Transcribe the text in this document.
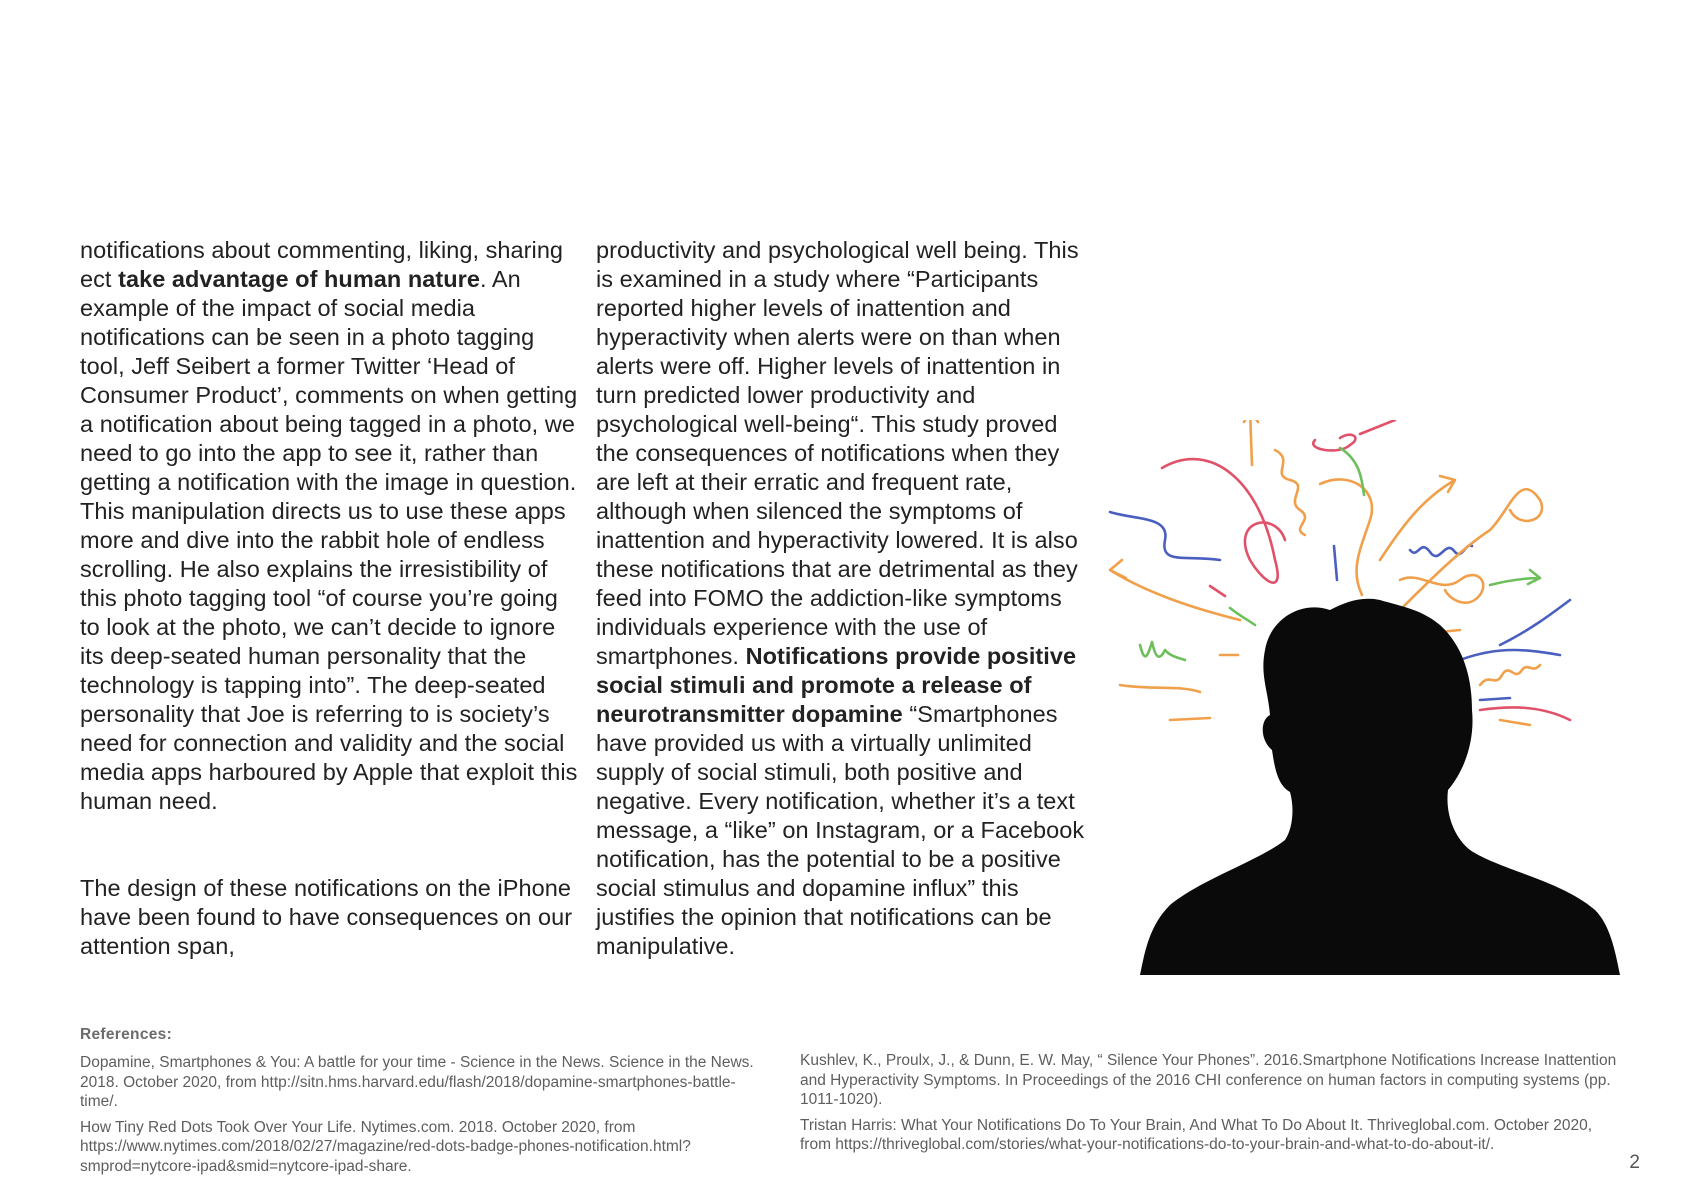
notifications about commenting, liking, sharing ect take advantage of human nature. An example of the impact of social media notifications can be seen in a photo tagging tool, Jeff Seibert a former Twitter ‘Head of Consumer Product’, comments on when getting a notification about being tagged in a photo, we need to go into the app to see it, rather than getting a notification with the image in question. This manipulation directs us to use these apps more and dive into the rabbit hole of endless scrolling. He also explains the irresistibility of this photo tagging tool “of course you’re going to look at the photo, we can’t decide to ignore its deep-seated human personality that the technology is tapping into”. The deep-seated personality that Joe is referring to is society’s need for connection and validity and the social media apps harboured by Apple that exploit this human need.

The design of these notifications on the iPhone have been found to have consequences on our attention span,

productivity and psychological well being. This is examined in a study where “Participants reported higher levels of inattention and hyperactivity when alerts were on than when alerts were off. Higher levels of inattention in turn predicted lower productivity and psychological well-being“. This study proved the consequences of notifications when they are left at their erratic and frequent rate, although when silenced the symptoms of inattention and hyperactivity lowered. It is also these notifications that are detrimental as they feed into FOMO the addiction-like symptoms individuals experience with the use of smartphones. Notifications provide positive social stimuli and promote a release of neurotransmitter dopamine “Smartphones have provided us with a virtually unlimited supply of social stimuli, both positive and negative. Every notification, whether it’s a text message, a “like” on Instagram, or a Facebook notification, has the potential to be a positive social stimulus and dopamine influx” this justifies the opinion that notifications can be manipulative.

References:

Dopamine, Smartphones & You: A battle for your time - Science in the News. Science in the News. 2018. October 2020, from http://sitn.hms.harvard.edu/flash/2018/dopamine-smartphones-battle-time/.

How Tiny Red Dots Took Over Your Life. Nytimes.com. 2018. October 2020, from https://www.nytimes.com/2018/02/27/magazine/red-dots-badge-phones-notification.html?smprod=nytcore-ipad&smid=nytcore-ipad-share.

Kushlev, K., Proulx, J., & Dunn, E. W. May, “ Silence Your Phones”. 2016.Smartphone Notifications Increase Inattention and Hyperactivity Symptoms. In Proceedings of the 2016 CHI conference on human factors in computing systems (pp. 1011-1020).

Tristan Harris: What Your Notifications Do To Your Brain, And What To Do About It. Thriveglobal.com. October 2020, from https://thriveglobal.com/stories/what-your-notifications-do-to-your-brain-and-what-to-do-about-it/.

2
